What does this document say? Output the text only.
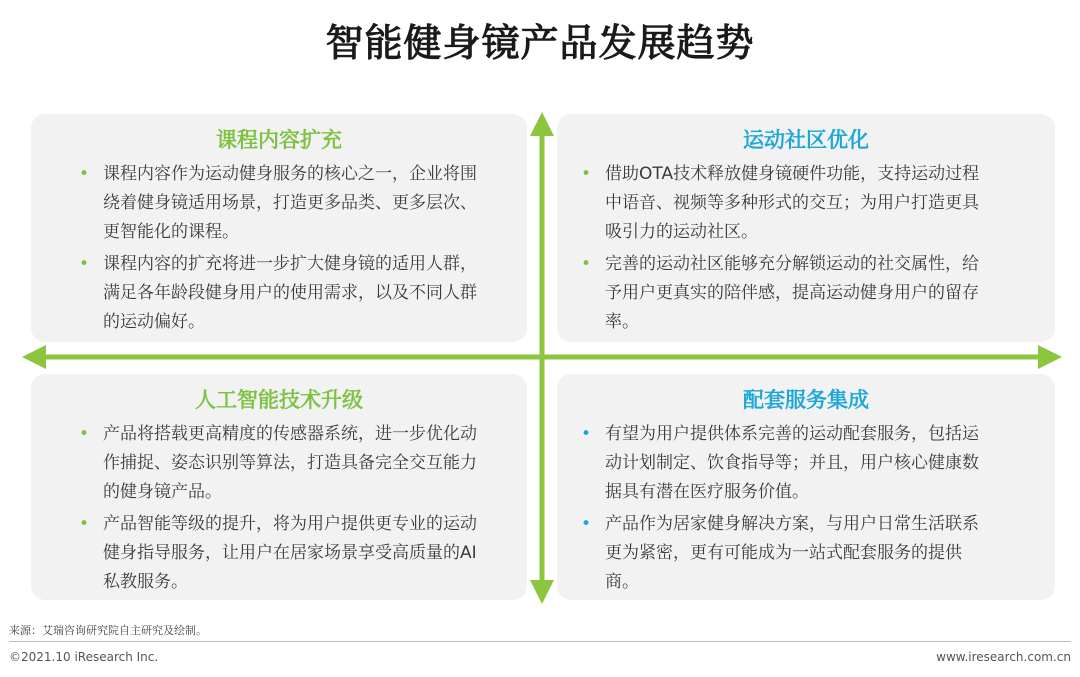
智能健身镜产品发展趋势
课程内容扩充
• 课程内容作为运动健身服务的核心之一，企业将围绕着健身镜适用场景，打造更多品类、更多层次、更智能化的课程。
• 课程内容的扩充将进一步扩大健身镜的适用人群，满足各年龄段健身用户的使用需求，以及不同人群的运动偏好。
运动社区优化
• 借助OTA技术释放健身镜硬件功能，支持运动过程中语音、视频等多种形式的交互；为用户打造更具吸引力的运动社区。
• 完善的运动社区能够充分解锁运动的社交属性，给予用户更真实的陪伴感，提高运动健身用户的留存率。
人工智能技术升级
• 产品将搭载更高精度的传感器系统，进一步优化动作捕捉、姿态识别等算法，打造具备完全交互能力的健身镜产品。
• 产品智能等级的提升，将为用户提供更专业的运动健身指导服务，让用户在居家场景享受高质量的AI私教服务。
配套服务集成
• 有望为用户提供体系完善的运动配套服务，包括运动计划制定、饮食指导等；并且，用户核心健康数据具有潜在医疗服务价值。
• 产品作为居家健身解决方案，与用户日常生活联系更为紧密，更有可能成为一站式配套服务的提供商。
来源：艾瑞咨询研究院自主研究及绘制。
©2021.10 iResearch Inc.	www.iresearch.com.cn
